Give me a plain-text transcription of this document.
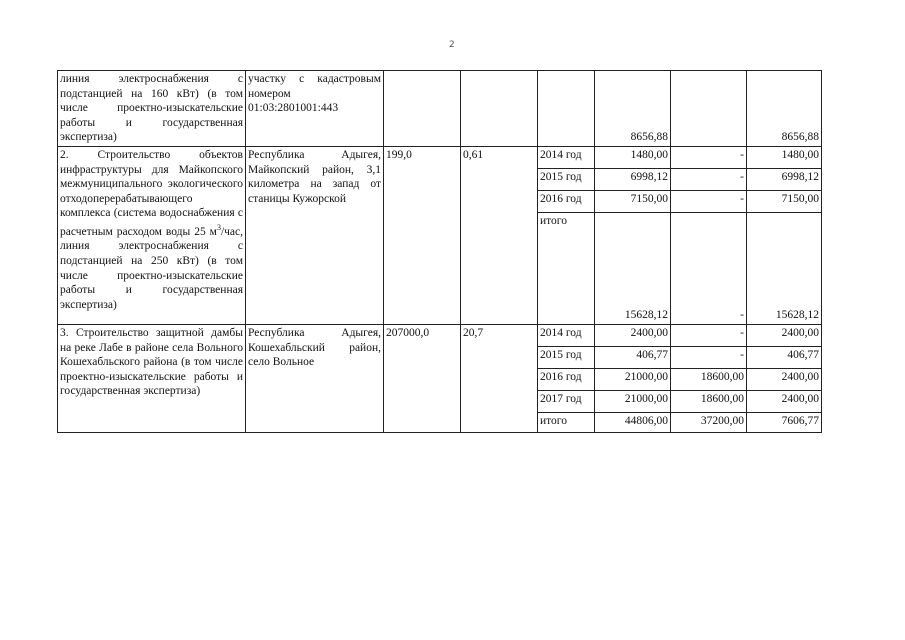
2
линия электроснабжения с подстанцией на 160 кВт) (в том числе проектно-изыскательские работы и государственная экспертиза)	участку с кадастровым номером 01:03:2801001:443				8656,88		8656,88
2. Строительство объектов инфраструктуры для Майкопского межмуниципального экологического отходоперерабатывающего комплекса (система водоснабжения с расчетным расходом воды 25 $м^3$/час, линия электроснабжения с подстанцией на 250 кВт) (в том числе проектно-изыскательские работы и государственная экспертиза)	Республика Адыгея, Майкопский район, 3,1 километра на запад от станицы Кужорской	199,0	0,61	2014 год	1480,00	-	1480,00
				2015 год	6998,12	-	6998,12
				2016 год	7150,00	-	7150,00
				итого	15628,12	-	15628,12
3. Строительство защитной дамбы на реке Лабе в районе села Вольного Кошехабльского района (в том числе проектно-изыскательские работы и государственная экспертиза)	Республика Адыгея, Кошехабльский район, село Вольное	207000,0	20,7	2014 год	2400,00	-	2400,00
				2015 год	406,77	-	406,77
				2016 год	21000,00	18600,00	2400,00
				2017 год	21000,00	18600,00	2400,00
				итого	44806,00	37200,00	7606,77
